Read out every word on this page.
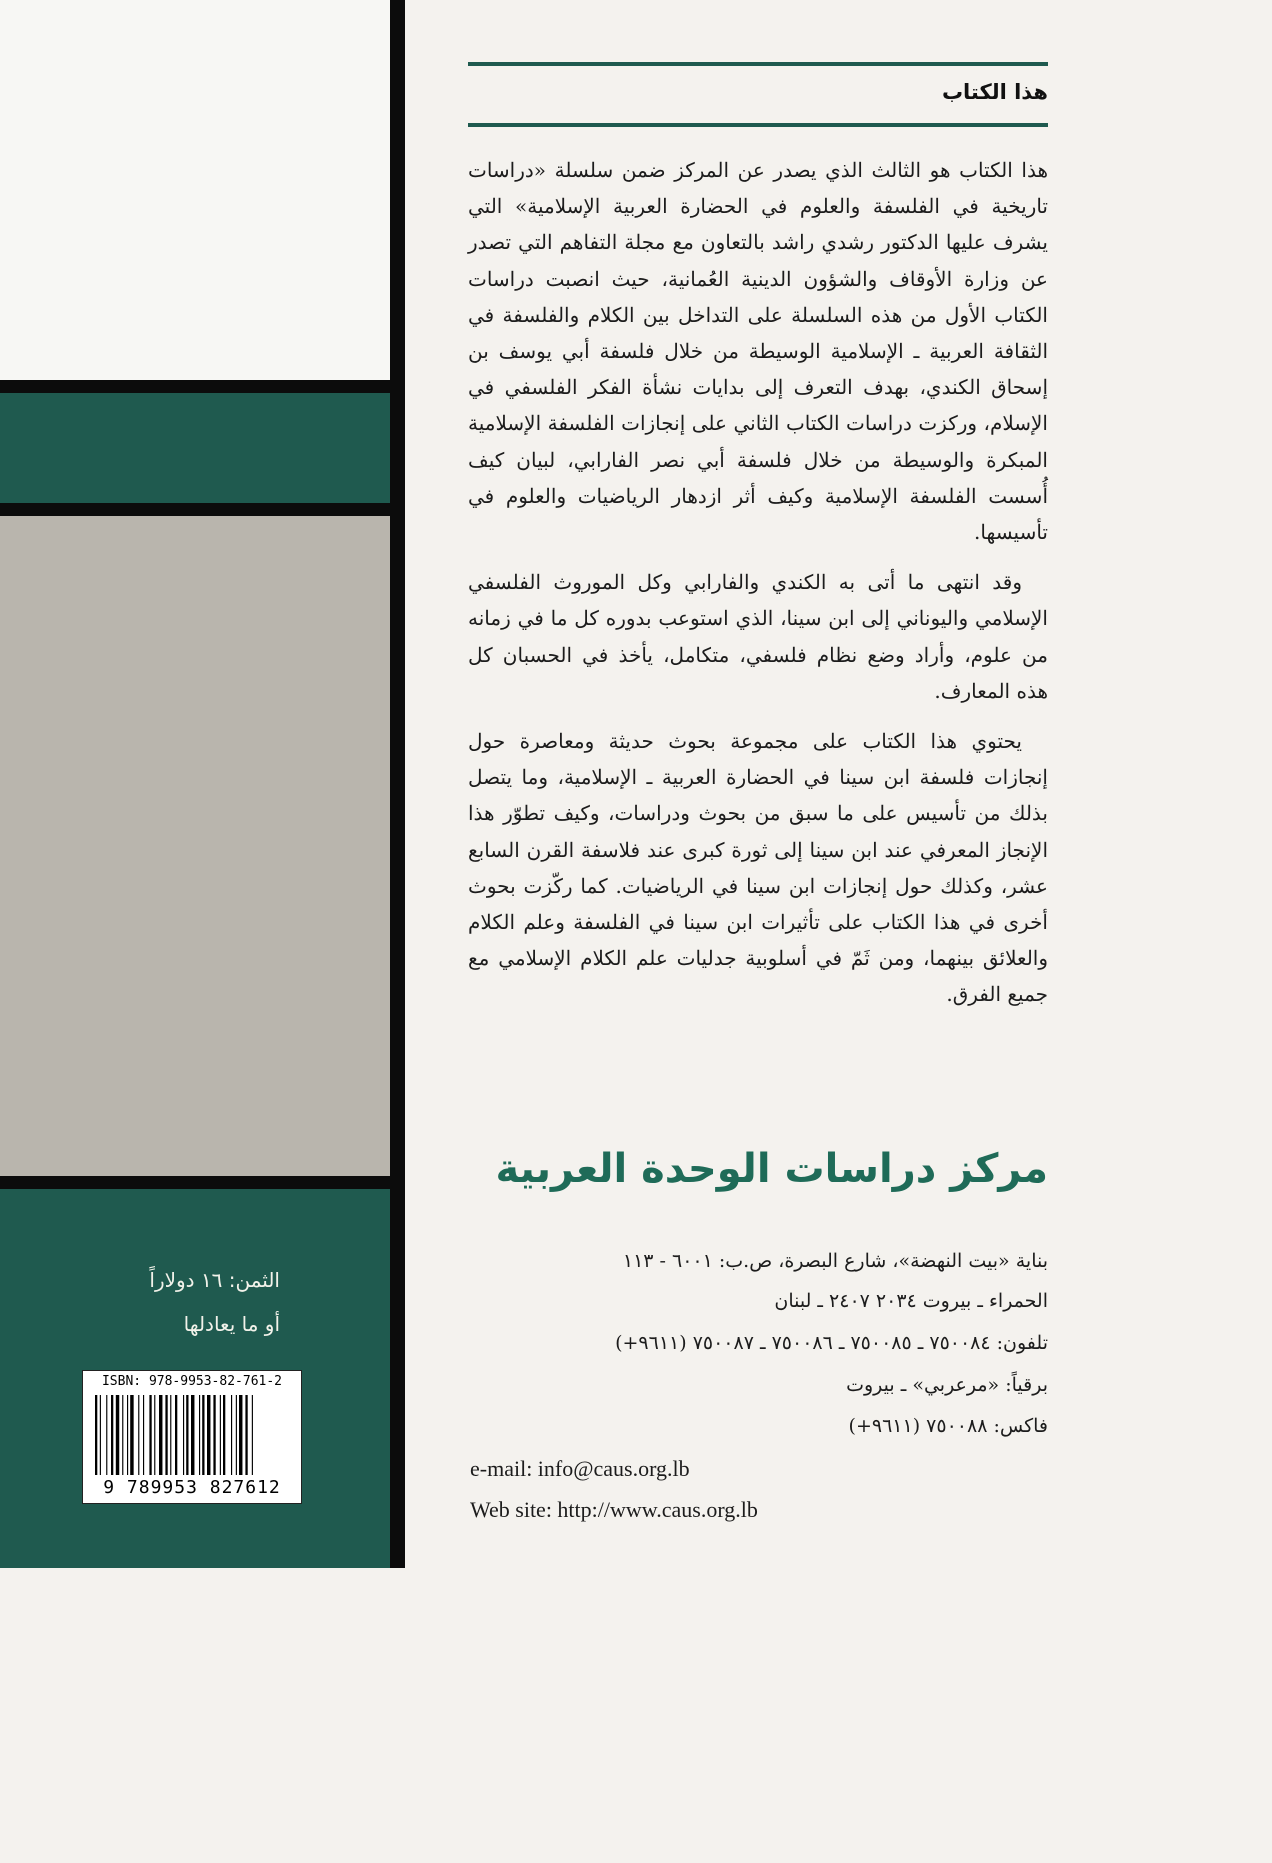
الثمن: ١٦ دولاراً
أو ما يعادلها
ISBN: 978-9953-82-761-2
9 789953 827612
هذا الكتاب

هذا الكتاب هو الثالث الذي يصدر عن المركز ضمن سلسلة «دراسات تاريخية في الفلسفة والعلوم في الحضارة العربية الإسلامية» التي يشرف عليها الدكتور رشدي راشد بالتعاون مع مجلة التفاهم التي تصدر عن وزارة الأوقاف والشؤون الدينية العُمانية، حيث انصبت دراسات الكتاب الأول من هذه السلسلة على التداخل بين الكلام والفلسفة في الثقافة العربية ـ الإسلامية الوسيطة من خلال فلسفة أبي يوسف بن إسحاق الكندي، بهدف التعرف إلى بدايات نشأة الفكر الفلسفي في الإسلام، وركزت دراسات الكتاب الثاني على إنجازات الفلسفة الإسلامية المبكرة والوسيطة من خلال فلسفة أبي نصر الفارابي، لبيان كيف أُسست الفلسفة الإسلامية وكيف أثر ازدهار الرياضيات والعلوم في تأسيسها.

وقد انتهى ما أتى به الكندي والفارابي وكل الموروث الفلسفي الإسلامي واليوناني إلى ابن سينا، الذي استوعب بدوره كل ما في زمانه من علوم، وأراد وضع نظام فلسفي، متكامل، يأخذ في الحسبان كل هذه المعارف.

يحتوي هذا الكتاب على مجموعة بحوث حديثة ومعاصرة حول إنجازات فلسفة ابن سينا في الحضارة العربية ـ الإسلامية، وما يتصل بذلك من تأسيس على ما سبق من بحوث ودراسات، وكيف تطوّر هذا الإنجاز المعرفي عند ابن سينا إلى ثورة كبرى عند فلاسفة القرن السابع عشر، وكذلك حول إنجازات ابن سينا في الرياضيات. كما ركّزت بحوث أخرى في هذا الكتاب على تأثيرات ابن سينا في الفلسفة وعلم الكلام والعلائق بينهما، ومن ثَمّ في أسلوبية جدليات علم الكلام الإسلامي مع جميع الفرق.

مركز دراسات الوحدة العربية
بناية «بيت النهضة»، شارع البصرة، ص.ب: ٦٠٠١ - ١١٣
الحمراء ـ بيروت ٢٠٣٤ ٢٤٠٧ ـ لبنان
تلفون: ٧٥٠٠٨٤ ـ ٧٥٠٠٨٥ ـ ٧٥٠٠٨٦ ـ ٧٥٠٠٨٧ (٩٦١١+)
برقياً: «مرعربي» ـ بيروت
فاكس: ٧٥٠٠٨٨ (٩٦١١+)
e-mail: info@caus.org.lb
Web site: http://www.caus.org.lb
